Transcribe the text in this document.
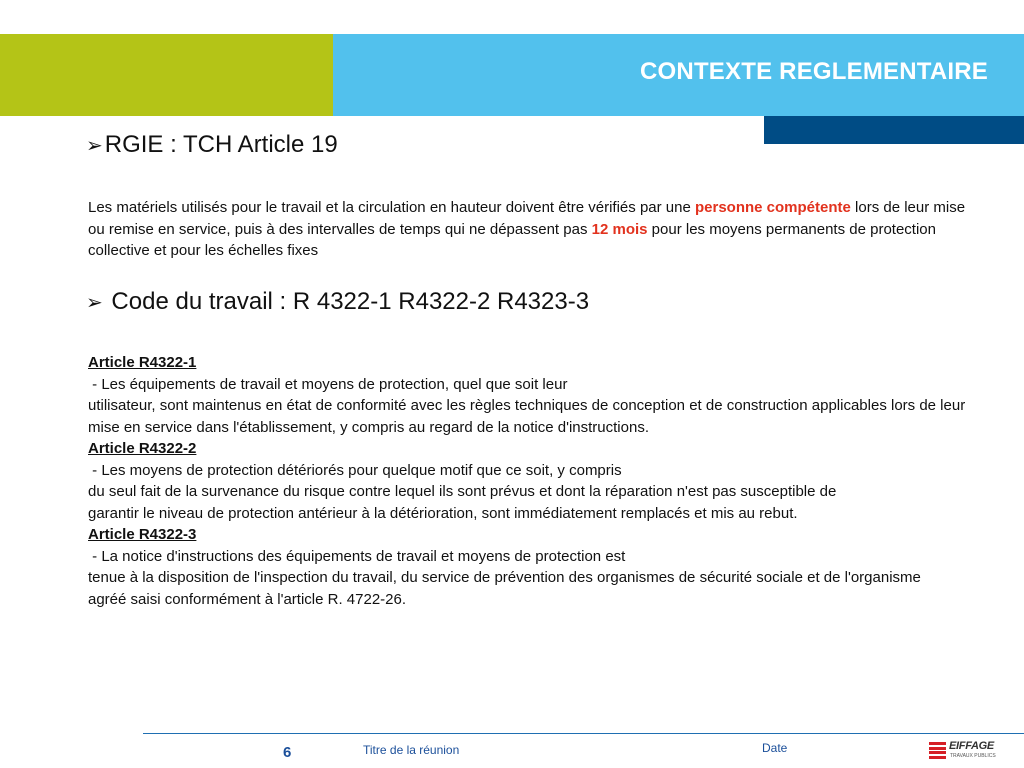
CONTEXTE REGLEMENTAIRE
➢RGIE : TCH Article 19
Les matériels utilisés pour le travail et la circulation en hauteur doivent être vérifiés par une personne compétente lors de leur mise ou remise en service, puis à des intervalles de temps qui ne dépassent pas 12 mois pour les moyens permanents de protection collective et pour les échelles fixes
➢ Code du travail : R 4322-1 R4322-2 R4323-3
Article R4322-1
- Les équipements de travail et moyens de protection, quel que soit leur
utilisateur, sont maintenus en état de conformité avec les règles techniques de conception et de construction applicables lors de leur mise en service dans l'établissement, y compris au regard de la notice d'instructions.
Article R4322-2
- Les moyens de protection détériorés pour quelque motif que ce soit, y compris
du seul fait de la survenance du risque contre lequel ils sont prévus et dont la réparation n'est pas susceptible de garantir le niveau de protection antérieur à la détérioration, sont immédiatement remplacés et mis au rebut.
Article R4322-3
- La notice d'instructions des équipements de travail et moyens de protection est
tenue à la disposition de l'inspection du travail, du service de prévention des organismes de sécurité sociale et de l'organisme agréé saisi conformément à l'article R. 4722-26.
6	Titre de la réunion	Date	EIFFAGE
TRAVAUX PUBLICS
